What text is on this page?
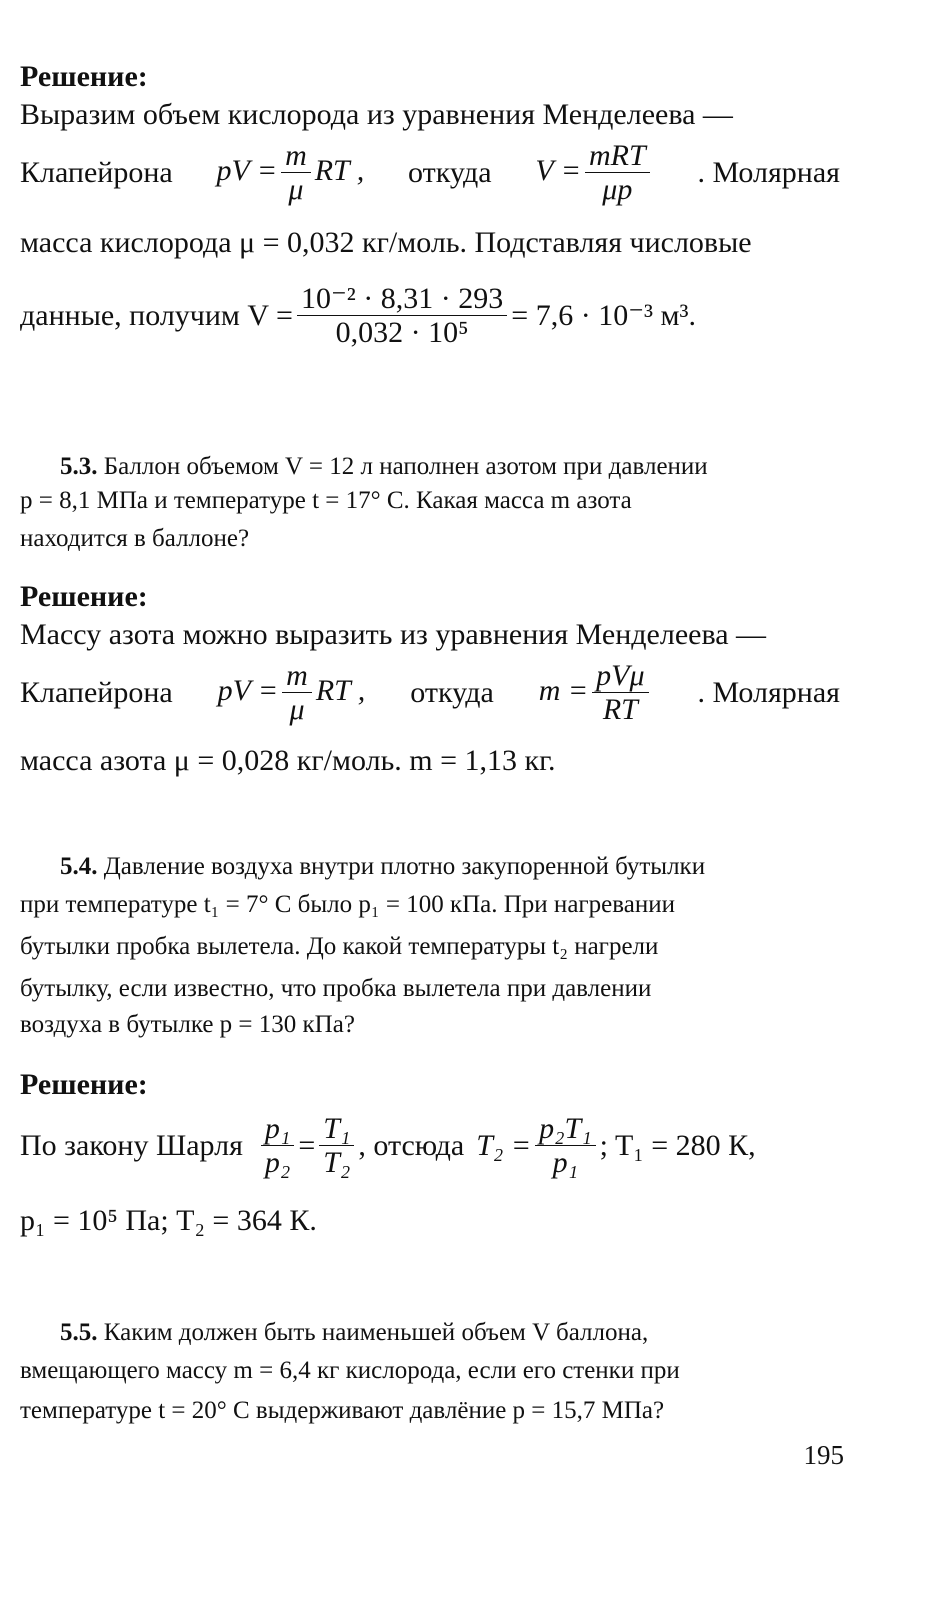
Решение:
Выразим объем кислорода из уравнения Менделеева —
Клапейрона pV = $\frac{m}{\mu}$ RT , откуда $V = \frac{\text{mRT}}{\mu p}$ . Молярная
масса кислорода μ = 0,032 кг/моль. Подставляя числовые
данные, получим $V = \frac{\text{10⁻² · 8,31 · 293}}{\text{0,032 · 10⁵}} = 7,6 \cdot 10^{-3}$ м³.
5.3. Баллон объемом V = 12 л наполнен азотом при давлении
p = 8,1 МПа и температуре t = 17° С. Какая масса m азота
находится в баллоне?
Решение:
Массу азота можно выразить из уравнения Менделеева —
Клапейрона pV = $\frac{m}{\mu}$ RT , откуда $m = \frac{\text{pVμ}}{RT}$ . Молярная
масса азота μ = 0,028 кг/моль. m = 1,13 кг.
5.4. Давление воздуха внутри плотно закупоренной бутылки
при температуре t₁ = 7° С было p₁ = 100 кПа. При нагревании
бутылки пробка вылетела. До какой температуры t₂ нагрели
бутылку, если известно, что пробка вылетела при давлении
воздуха в бутылке p = 130 кПа?
Решение:
По закону Шарля $\frac{\text{p₁}}{\text{p₂}} = \frac{\text{T₁}}{\text{T₂}}$ , отсюда $T_2 = \frac{\text{p₂T₁}}{\text{p₁}}$ ; T₁ = 280 К,
p₁ = 10⁵ Па; T₂ = 364 К.
5.5. Каким должен быть наименьшей объем V баллона,
вмещающего массу m = 6,4 кг кислорода, если его стенки при
температуре t = 20° С выдерживают давлёние p = 15,7 МПа?
195
